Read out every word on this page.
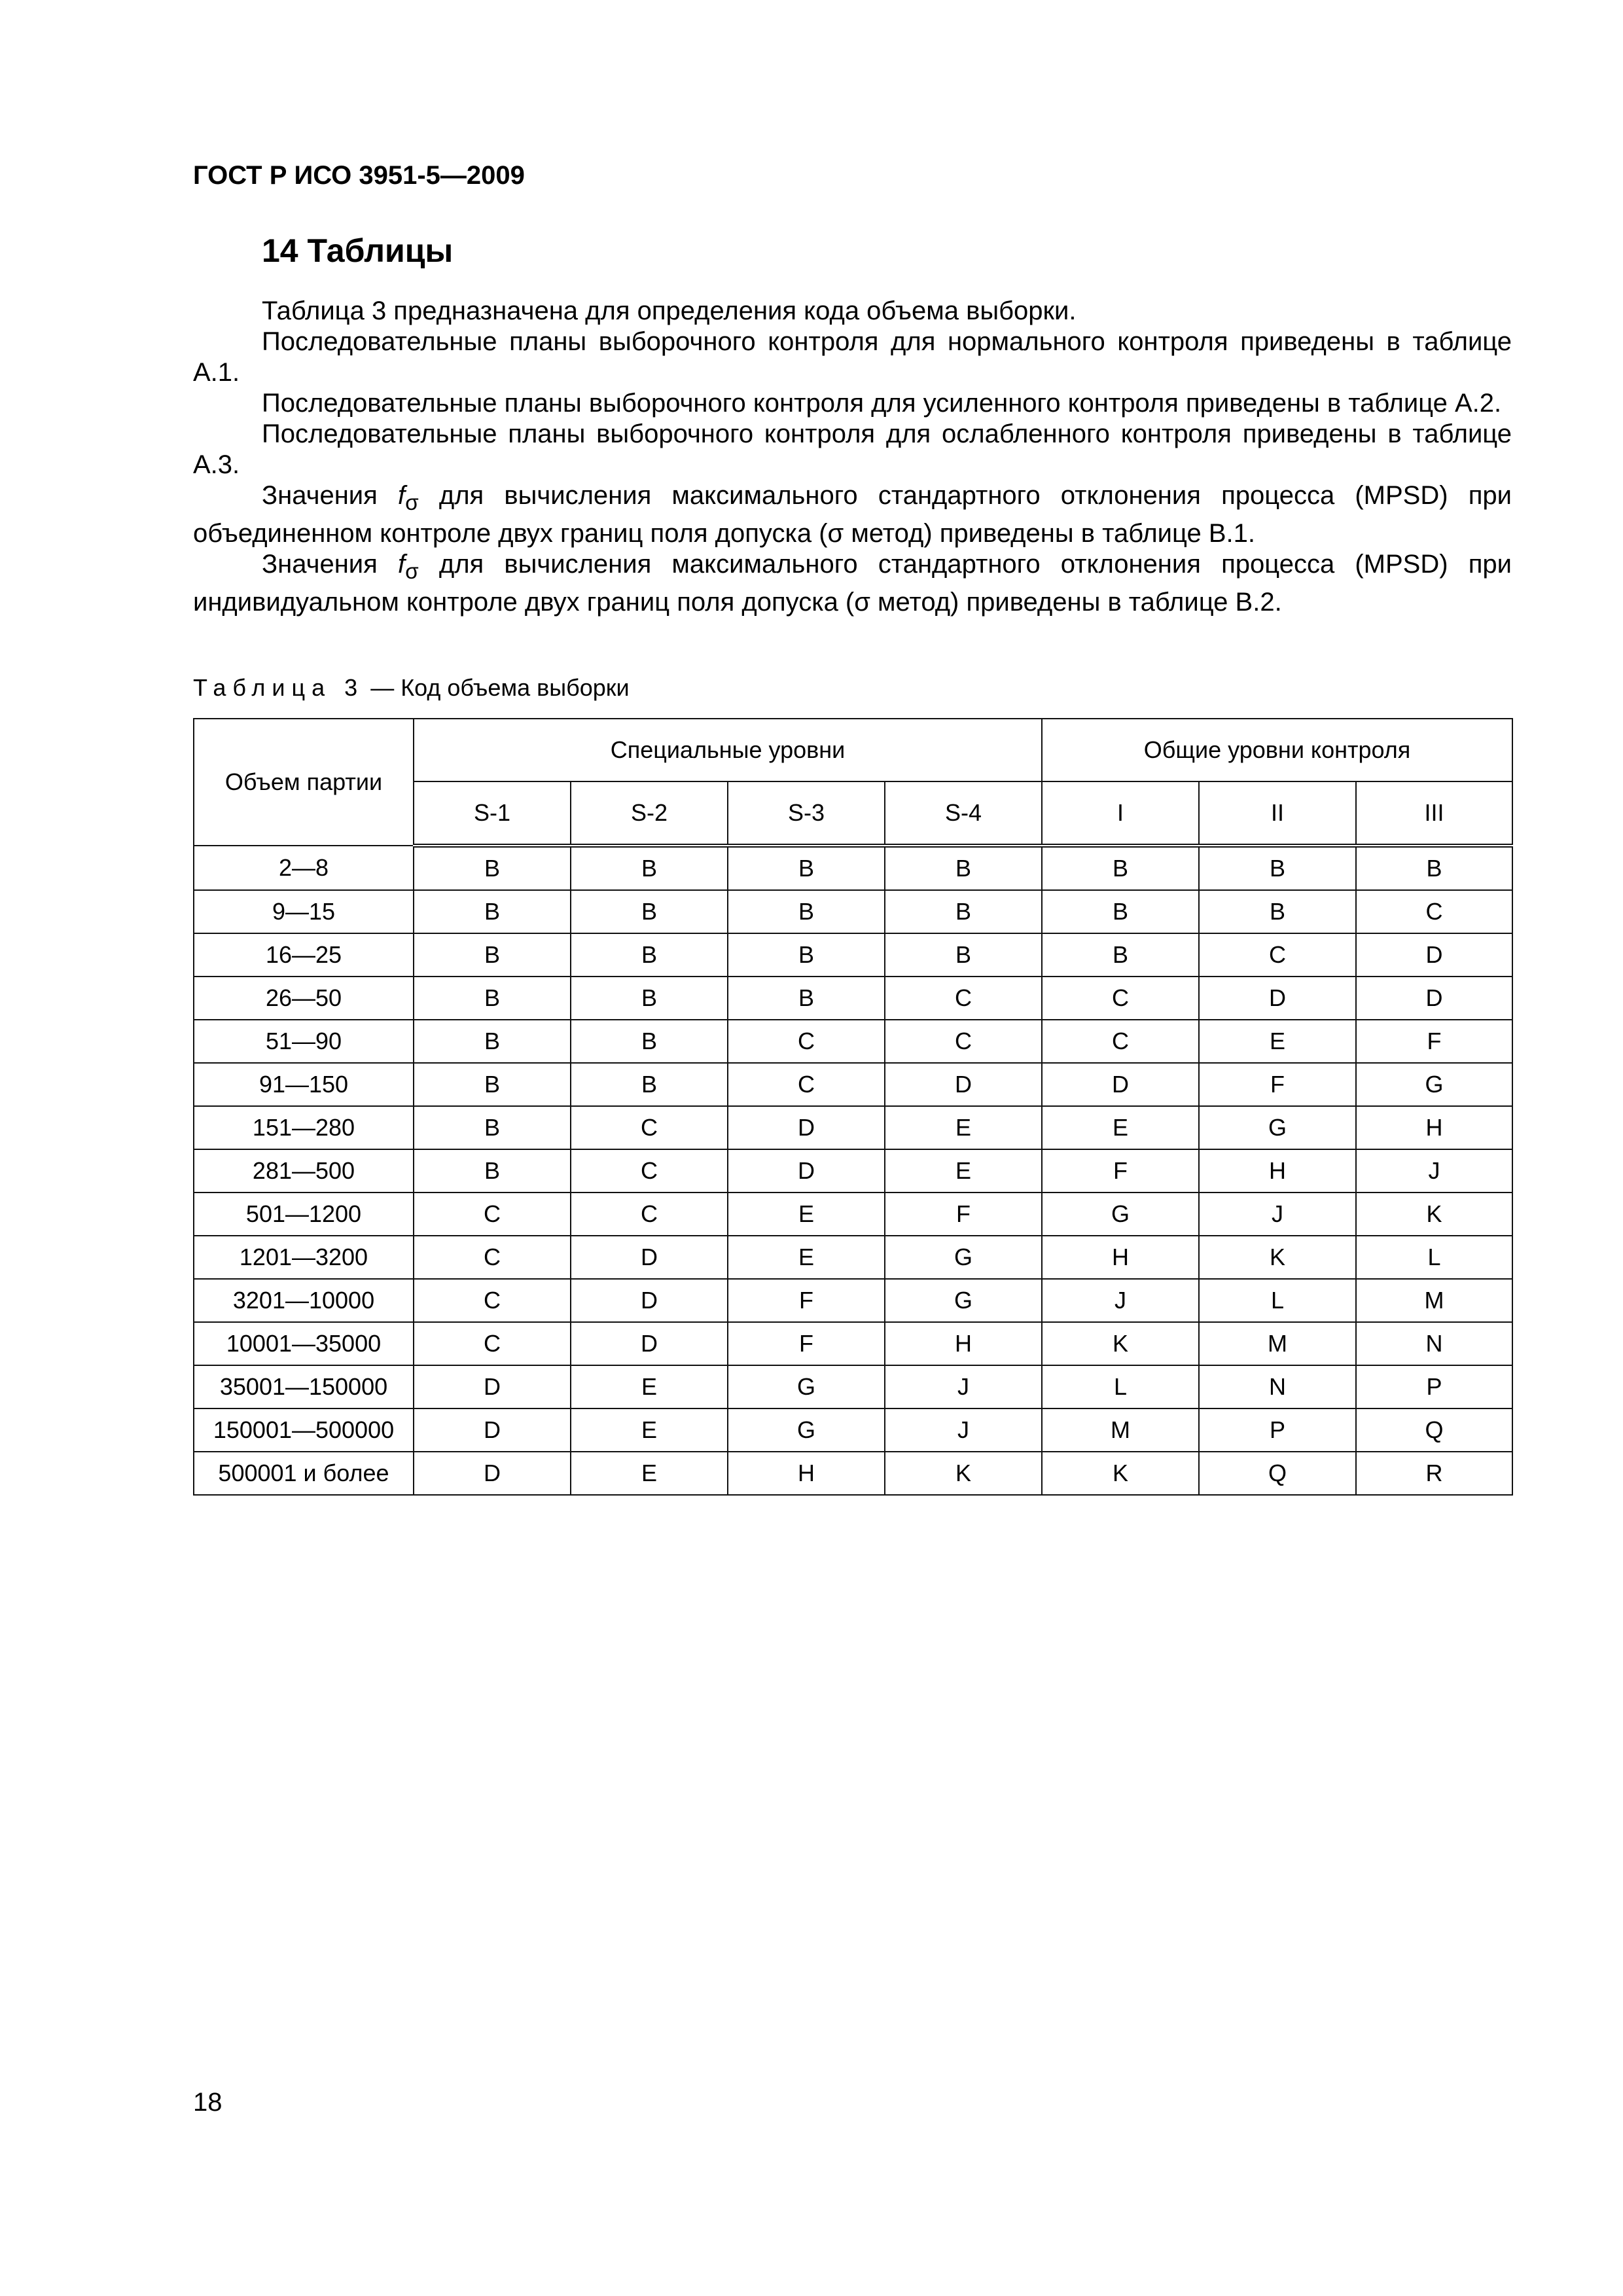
ГОСТ Р ИСО 3951-5—2009
14 Таблицы

Таблица 3 предназначена для определения кода объема выборки.

Последовательные планы выборочного контроля для нормального контроля приведены в таблице А.1.

Последовательные планы выборочного контроля для усиленного контроля приведены в таблице А.2.

Последовательные планы выборочного контроля для ослабленного контроля приведены в таблице А.3.

Значения $f_\sigma$ для вычисления максимального стандартного отклонения процесса (MPSD) при объединенном контроле двух границ поля допуска (σ метод) приведены в таблице В.1.

Значения $f_\sigma$ для вычисления максимального стандартного отклонения процесса (MPSD) при индивидуальном контроле двух границ поля допуска (σ метод) приведены в таблице В.2.

Таблица 3 — Код объема выборки
Объем партии	Специальные уровни				Общие уровни контроля		
	S-1	S-2	S-3	S-4	I	II	III
2—8	B	B	B	B	B	B	B
9—15	B	B	B	B	B	B	C
16—25	B	B	B	B	B	C	D
26—50	B	B	B	C	C	D	D
51—90	B	B	C	C	C	E	F
91—150	B	B	C	D	D	F	G
151—280	B	C	D	E	E	G	H
281—500	B	C	D	E	F	H	J
501—1200	C	C	E	F	G	J	K
1201—3200	C	D	E	G	H	K	L
3201—10000	C	D	F	G	J	L	M
10001—35000	C	D	F	H	K	M	N
35001—150000	D	E	G	J	L	N	P
150001—500000	D	E	G	J	M	P	Q
500001 и более	D	E	H	K	K	Q	R
18
